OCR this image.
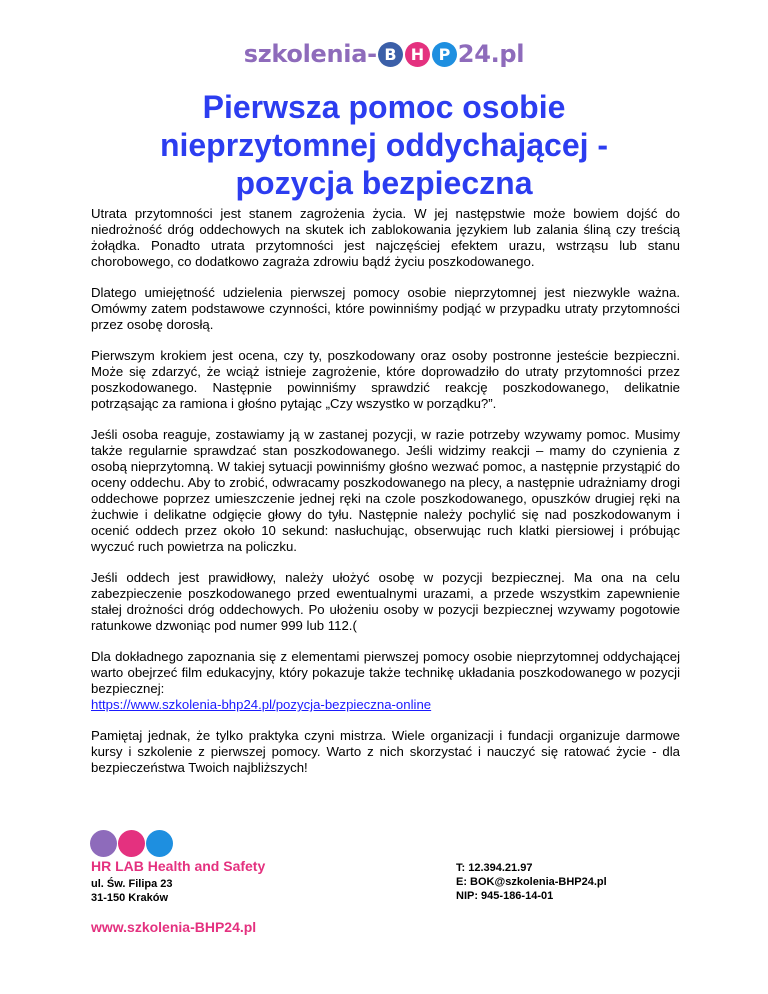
szkolenia- B H P 24.pl
Pierwsza pomoc osobie
nieprzytomnej oddychającej -
pozycja bezpieczna

Utrata przytomności jest stanem zagrożenia życia. W jej następstwie może bowiem dojść do niedrożność dróg oddechowych na skutek ich zablokowania językiem lub zalania śliną czy treścią żołądka. Ponadto utrata przytomności jest najczęściej efektem urazu, wstrząsu lub stanu chorobowego, co dodatkowo zagraża zdrowiu bądź życiu poszkodowanego.

Dlatego umiejętność udzielenia pierwszej pomocy osobie nieprzytomnej jest niezwykle ważna. Omówmy zatem podstawowe czynności, które powinniśmy podjąć w przypadku utraty przytomności przez osobę dorosłą.

Pierwszym krokiem jest ocena, czy ty, poszkodowany oraz osoby postronne jesteście bezpieczni. Może się zdarzyć, że wciąż istnieje zagrożenie, które doprowadziło do utraty przytomności przez poszkodowanego. Następnie powinniśmy sprawdzić reakcję poszkodowanego, delikatnie potrząsając za ramiona i głośno pytając „Czy wszystko w porządku?”.

Jeśli osoba reaguje, zostawiamy ją w zastanej pozycji, w razie potrzeby wzywamy pomoc. Musimy także regularnie sprawdzać stan poszkodowanego. Jeśli widzimy reakcji – mamy do czynienia z osobą nieprzytomną. W takiej sytuacji powinniśmy głośno wezwać pomoc, a następnie przystąpić do oceny oddechu. Aby to zrobić, odwracamy poszkodowanego na plecy, a następnie udrażniamy drogi oddechowe poprzez umieszczenie jednej ręki na czole poszkodowanego, opuszków drugiej ręki na żuchwie i delikatne odgięcie głowy do tyłu. Następnie należy pochylić się nad poszkodowanym i ocenić oddech przez około 10 sekund: nasłuchując, obserwując ruch klatki piersiowej i próbując wyczuć ruch powietrza na policzku.

Jeśli oddech jest prawidłowy, należy ułożyć osobę w pozycji bezpiecznej. Ma ona na celu zabezpieczenie poszkodowanego przed ewentualnymi urazami, a przede wszystkim zapewnienie stałej drożności dróg oddechowych. Po ułożeniu osoby w pozycji bezpiecznej wzywamy pogotowie ratunkowe dzwoniąc pod numer 999 lub 112.(

Dla dokładnego zapoznania się z elementami pierwszej pomocy osobie nieprzytomnej oddychającej warto obejrzeć film edukacyjny, który pokazuje także technikę układania poszkodowanego w pozycji bezpiecznej:
https://www.szkolenia-bhp24.pl/pozycja-bezpieczna-online

Pamiętaj jednak, że tylko praktyka czyni mistrza. Wiele organizacji i fundacji organizuje darmowe kursy i szkolenie z pierwszej pomocy. Warto z nich skorzystać i nauczyć się ratować życie - dla bezpieczeństwa Twoich najbliższych!

HR LAB Health and Safety
ul. Św. Filipa 23
31-150 Kraków
www.szkolenia-BHP24.pl
T: 12.394.21.97
E: BOK@szkolenia-BHP24.pl
NIP: 945-186-14-01
